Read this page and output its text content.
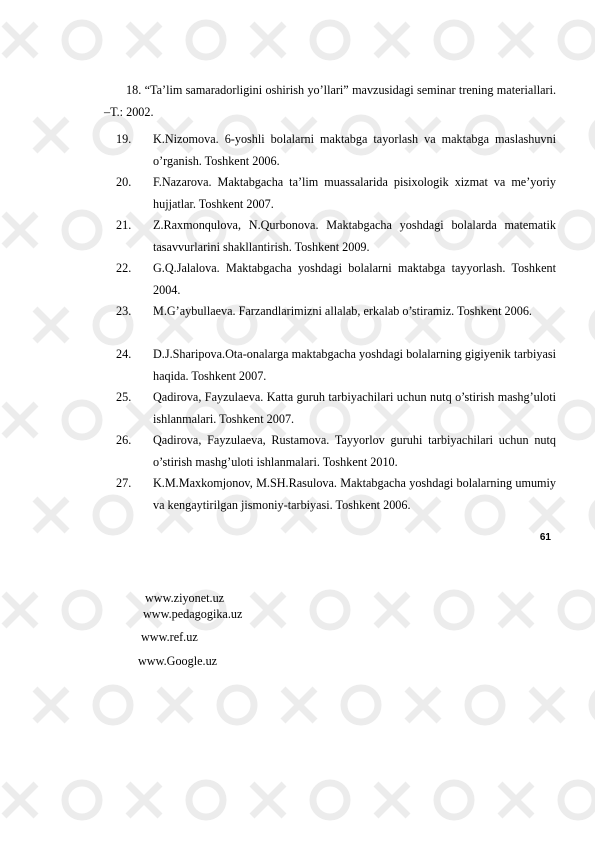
18. “Ta’lim samaradorligini oshirish yo’llari” mavzusidagi seminar trening materiallari. –T.: 2002.
19. K.Nizomova. 6-yoshli bolalarni maktabga tayorlash va maktabga maslashuvni o’rganish. Toshkent 2006.
20. F.Nazarova. Maktabgacha ta’lim muassalarida pisixologik xizmat va me’yoriy hujjatlar. Toshkent 2007.
21. Z.Raxmonqulova, N.Qurbonova. Maktabgacha yoshdagi bolalarda matematik tasavvurlarini shakllantirish. Toshkent 2009.
22. G.Q.Jalalova. Maktabgacha yoshdagi bolalarni maktabga tayyorlash. Toshkent 2004.
23. M.G’aybullaeva. Farzandlarimizni allalab, erkalab o’stiramiz. Toshkent 2006.
24. D.J.Sharipova.Ota-onalarga maktabgacha yoshdagi bolalarning gigiyenik tarbiyasi haqida. Toshkent 2007.
25. Qadirova, Fayzulaeva. Katta guruh tarbiyachilari uchun nutq o’stirish mashg’uloti ishlanmalari. Toshkent 2007.
26. Qadirova, Fayzulaeva, Rustamova. Tayyorlov guruhi tarbiyachilari uchun nutq o’stirish mashg’uloti ishlanmalari. Toshkent 2010.
27. K.M.Maxkomjonov, M.SH.Rasulova. Maktabgacha yoshdagi bolalarning umumiy va kengaytirilgan jismoniy-tarbiyasi. Toshkent 2006.
www.ziyonet.uz
www.pedagogika.uz
www.ref.uz
www.Google.uz
61
